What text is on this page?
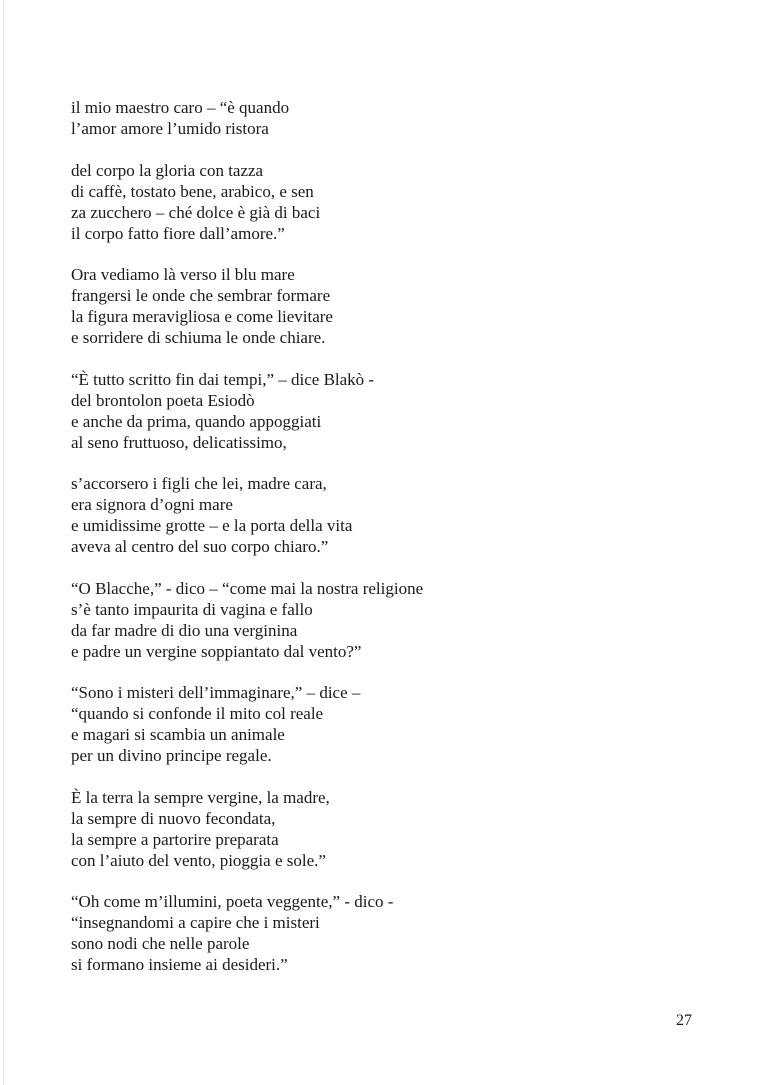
il mio maestro caro – “è quando
l’amor amore l’umido ristora
del corpo la gloria con tazza
di caffè, tostato bene, arabico, e sen
za zucchero – ché dolce è già di baci
il corpo fatto fiore dall’amore.”
Ora vediamo là verso il blu mare
frangersi le onde che sembrar formare
la figura meravigliosa e come lievitare
e sorridere di schiuma le onde chiare.
“È tutto scritto fin dai tempi,” – dice Blakò -
del brontolon poeta Esiodò
e anche da prima, quando appoggiati
al seno fruttuoso, delicatissimo,
s’accorsero i figli che lei, madre cara,
era signora d’ogni mare
e umidissime grotte – e la porta della vita
aveva al centro del suo corpo chiaro.”
“O Blacche,” - dico – “come mai la nostra religione
s’è tanto impaurita di vagina e fallo
da far madre di dio una verginina
e padre un vergine soppiantato dal vento?”
“Sono i misteri dell’immaginare,” – dice –
“quando si confonde il mito col reale
e magari si scambia un animale
per un divino principe regale.
È la terra la sempre vergine, la madre,
la sempre di nuovo fecondata,
la sempre a partorire preparata
con l’aiuto del vento, pioggia e sole.”
“Oh come m’illumini, poeta veggente,” - dico -
“insegnandomi a capire che i misteri
sono nodi che nelle parole
si formano insieme ai desideri.”
27
